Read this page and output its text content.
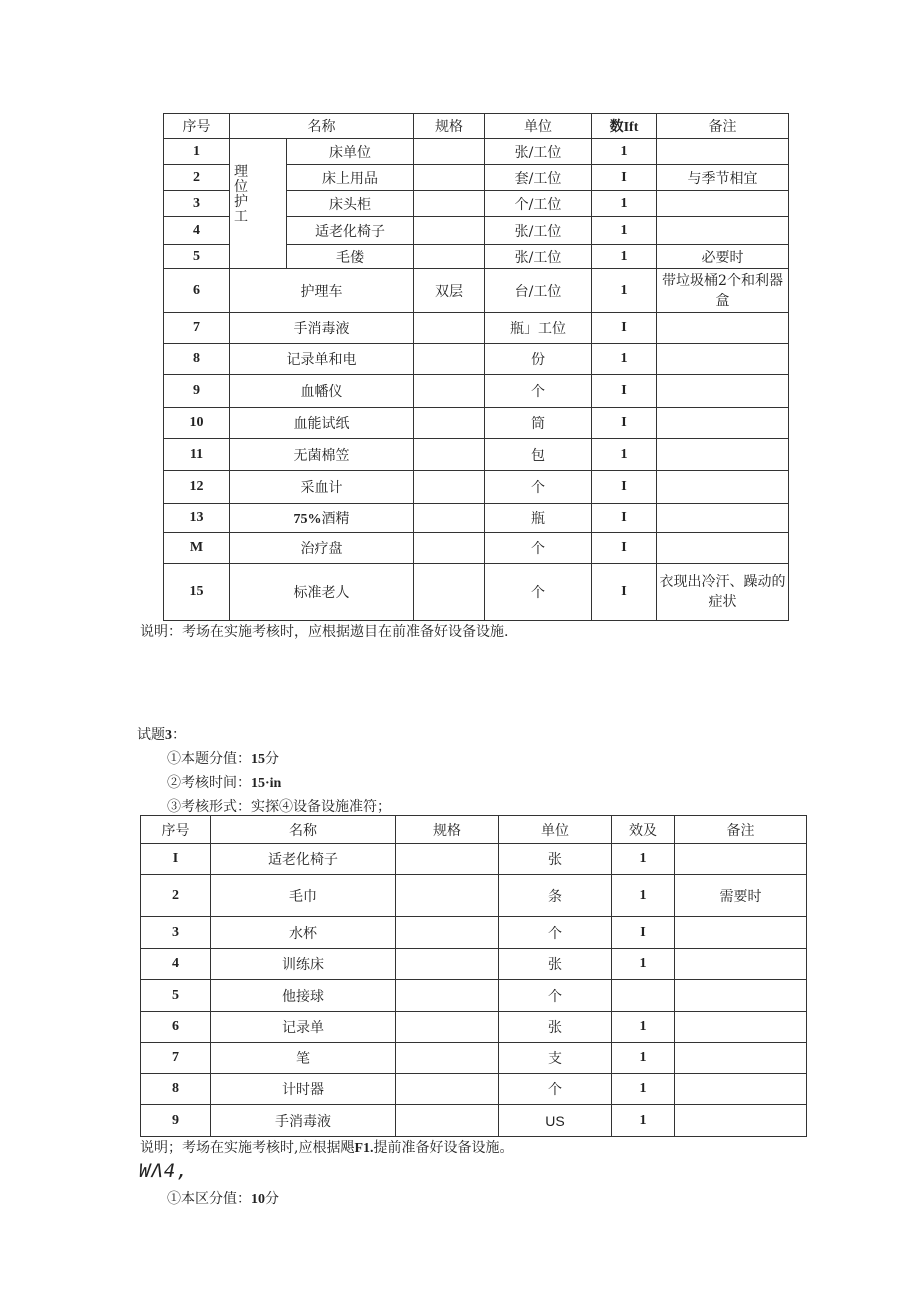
序号	名称		规格	单位	数Ift	备注
1	理位护工	床单位		张/工位	1	
2		床上用品		套/工位	I	与季节相宜
3		床头柜		个/工位	1	
4		适老化椅子		张/工位	1	
5		毛偻		张/工位	1	必要时
6	护理车		双层	台/工位	1	带垃圾桶2个和利器盒
7	手消毒液			瓶」工位	I	
8	记录单和电			份	1	
9	血幡仪			个	I	
10	血能试纸			筒	I	
11	无菌棉笠			包	1	
12	采血计			个	I	
13	75%酒精			瓶	I	
M	治疗盘			个	I	
15	标准老人			个	I	衣现出冷汗、躁动的症状
说明：考场在实施考核时，应根据遨目在前准备好设备设施.
试题3：
①本题分值：15分
②考核时间：15·in
③考核形式：实探④设备设施准符；
序号	名称	规格	单位	效及	备注
I	适老化椅子		张	1	
2	毛巾		条	1	需要时
3	水杯		个	I	
4	训练床		张	1	
5	他接球		个		
6	记录单		张	1	
7	笔		支	1	
8	计时器		个	1	
9	手消毒液		US	1	
说明；考场在实施考核时,应根据飓F1.提前准备好设备设施。
WΛ4,
①本区分值：10分
